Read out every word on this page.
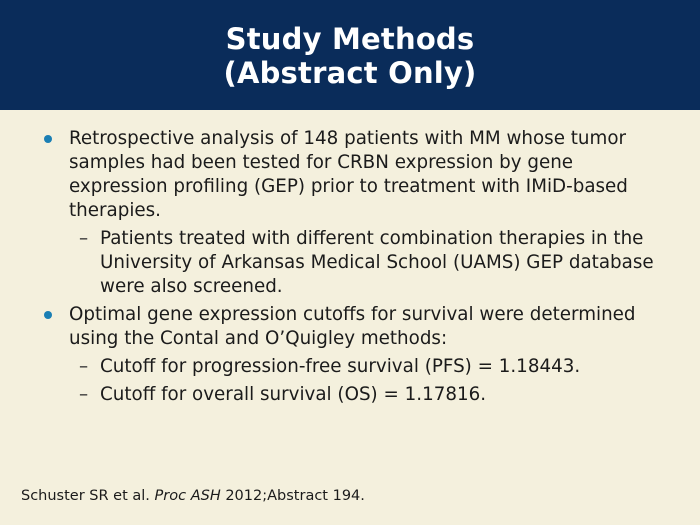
Study Methods
(Abstract Only)
Retrospective analysis of 148 patients with MM whose tumor samples had been tested for CRBN expression by gene expression profiling (GEP) prior to treatment with IMiD-based therapies.
– Patients treated with different combination therapies in the University of Arkansas Medical School (UAMS) GEP database were also screened.
Optimal gene expression cutoffs for survival were determined using the Contal and O’Quigley methods:
– Cutoff for progression-free survival (PFS) = 1.18443.
– Cutoff for overall survival (OS) = 1.17816.
Schuster SR et al. Proc ASH 2012;Abstract 194.
